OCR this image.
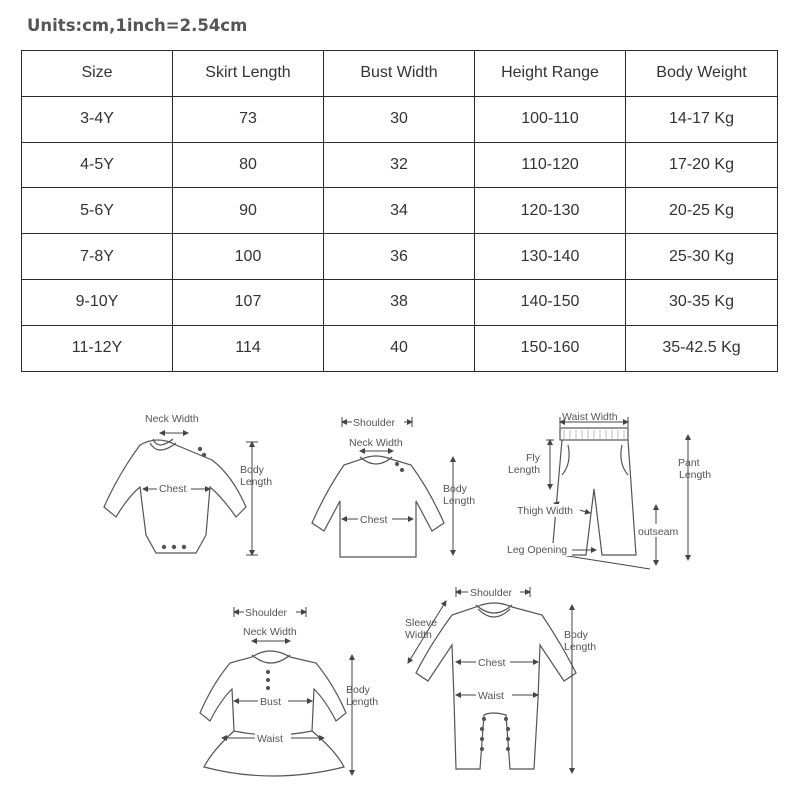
Units:cm,1inch=2.54cm
Size	Skirt Length	Bust Width	Height Range	Body Weight
3-4Y	73	30	100-110	14-17 Kg
4-5Y	80	32	110-120	17-20 Kg
5-6Y	90	34	120-130	20-25 Kg
7-8Y	100	36	130-140	25-30 Kg
9-10Y	107	38	140-150	30-35 Kg
11-12Y	114	40	150-160	35-42.5 Kg
Neck Width
Chest
Body
Length
Shoulder
Neck Width
Chest
Body
Length
Waist Width
Fly
Length
Pant
Length
Thigh Width
outseam
Leg Opening
Shoulder
Neck Width
Bust
Waist
Body
Length
Shoulder
Sleeve
Width
Chest
Waist
Body
Length
